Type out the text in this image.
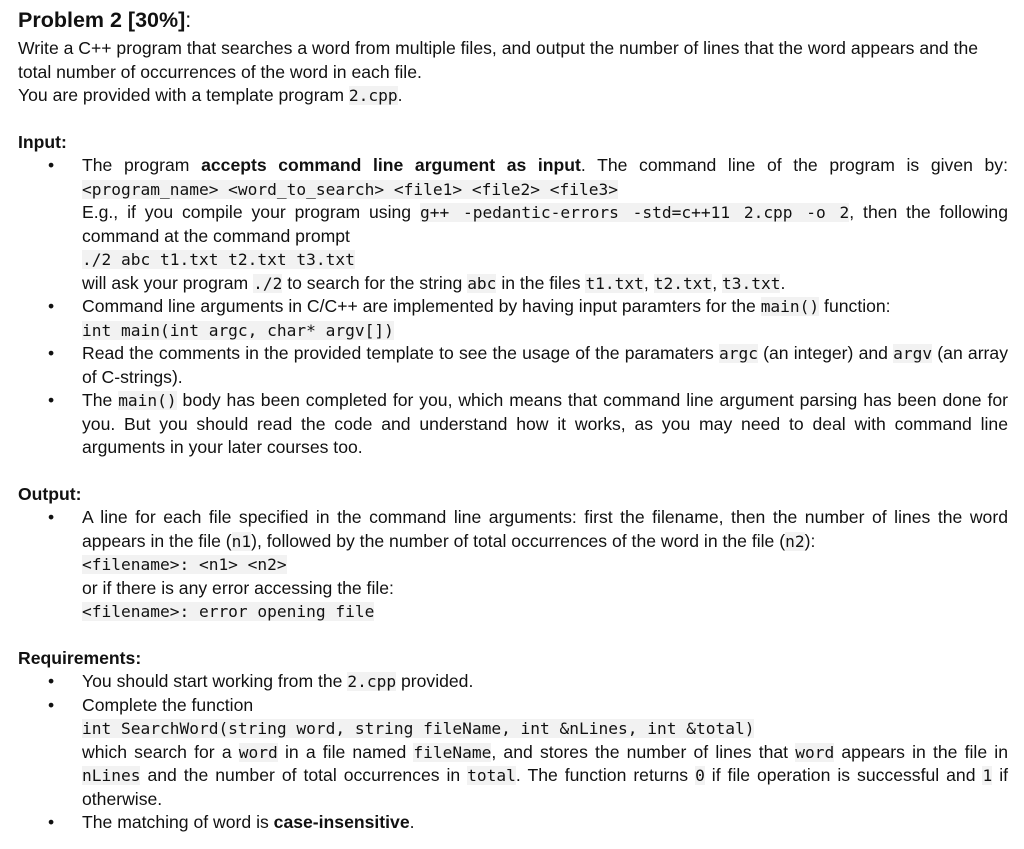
Problem 2 [30%]:

Write a C++ program that searches a word from multiple files, and output the number of lines that the word appears and the total number of occurrences of the word in each file.

You are provided with a template program 2.cpp.

Input:

• The program accepts command line argument as input. The command line of the program is given by: <program_name> <word_to_search> <file1> <file2> <file3>
E.g., if you compile your program using g++ -pedantic-errors -std=c++11 2.cpp -o 2, then the following command at the command prompt
./2 abc t1.txt t2.txt t3.txt
will ask your program ./2 to search for the string abc in the files t1.txt, t2.txt, t3.txt.
• Command line arguments in C/C++ are implemented by having input paramters for the main() function:
int main(int argc, char* argv[])
• Read the comments in the provided template to see the usage of the paramaters argc (an integer) and argv (an array of C-strings).
• The main() body has been completed for you, which means that command line argument parsing has been done for you. But you should read the code and understand how it works, as you may need to deal with command line arguments in your later courses too.

Output:

• A line for each file specified in the command line arguments: first the filename, then the number of lines the word appears in the file (n1), followed by the number of total occurrences of the word in the file (n2):
<filename>: <n1> <n2>
or if there is any error accessing the file:
<filename>: error opening file

Requirements:

• You should start working from the 2.cpp provided.
• Complete the function
int SearchWord(string word, string fileName, int &nLines, int &total)
which search for a word in a file named fileName, and stores the number of lines that word appears in the file in nLines and the number of total occurrences in total. The function returns 0 if file operation is successful and 1 if otherwise.
• The matching of word is case-insensitive.
